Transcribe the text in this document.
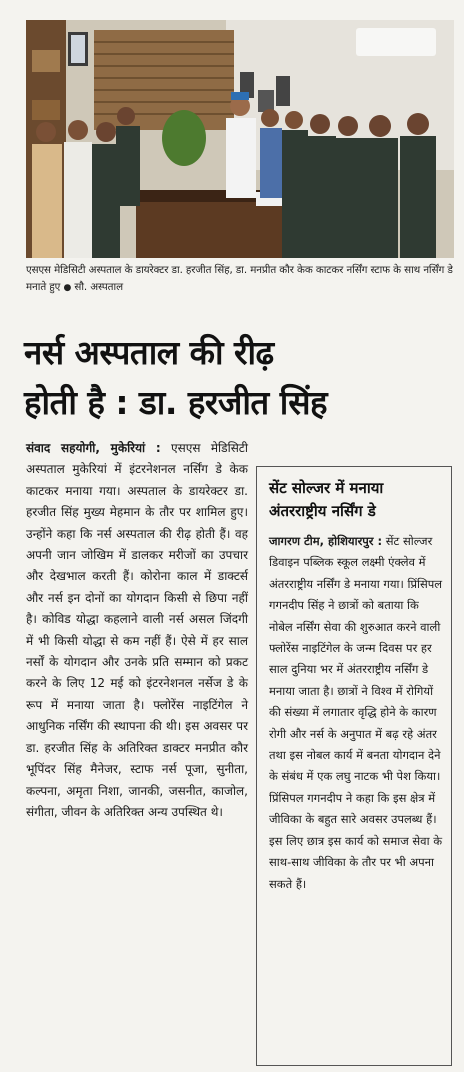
एसएस मेडिसिटी अस्पताल के डायरेक्टर डा. हरजीत सिंह, डा. मनप्रीत कौर केक काटकर नर्सिंग स्टाफ के साथ नर्सिंग डे मनाते हुए ● सौ. अस्पताल
नर्स अस्पताल की रीढ़
होती है : डा. हरजीत सिंह
संवाद सहयोगी, मुकेरियां : एसएस मेडिसिटी अस्पताल मुकेरियां में इंटरनेशनल नर्सिंग डे केक काटकर मनाया गया। अस्पताल के डायरेक्टर डा. हरजीत सिंह मुख्य मेहमान के तौर पर शामिल हुए। उन्होंने कहा कि नर्स अस्पताल की रीढ़ होती हैं। वह अपनी जान जोखिम में डालकर मरीजों का उपचार और देखभाल करती हैं। कोरोना काल में डाक्टर्स और नर्स इन दोनों का योगदान किसी से छिपा नहीं है। कोविड योद्धा कहलाने वाली नर्स असल जिंदगी में भी किसी योद्धा से कम नहीं हैं। ऐसे में हर साल नर्सों के योगदान और उनके प्रति सम्मान को प्रकट करने के लिए 12 मई को इंटरनेशनल नर्सेज डे के रूप में मनाया जाता है। फ्लोरेंस नाइटिंगेल ने आधुनिक नर्सिंग की स्थापना की थी। इस अवसर पर डा. हरजीत सिंह के अतिरिक्त डाक्टर मनप्रीत कौर भूपिंदर सिंह मैनेजर, स्टाफ नर्स पूजा, सुनीता, कल्पना, अमृता निशा, जानकी, जसनीत, काजोल, संगीता, जीवन के अतिरिक्त अन्य उपस्थित थे।
सेंट सोल्जर में मनाया अंतरराष्ट्रीय नर्सिंग डे
जागरण टीम, होशियारपुर : सेंट सोल्जर डिवाइन पब्लिक स्कूल लक्ष्मी एंक्लेव में अंतरराष्ट्रीय नर्सिंग डे मनाया गया। प्रिंसिपल गगनदीप सिंह ने छात्रों को बताया कि नोबेल नर्सिंग सेवा की शुरुआत करने वाली फ्लोरेंस नाइटिंगेल के जन्म दिवस पर हर साल दुनिया भर में अंतरराष्ट्रीय नर्सिंग डे मनाया जाता है। छात्रों ने विश्व में रोगियों की संख्या में लगातार वृद्धि होने के कारण रोगी और नर्स के अनुपात में बढ़ रहे अंतर तथा इस नोबल कार्य में बनता योगदान देने के संबंध में एक लघु नाटक भी पेश किया। प्रिंसिपल गगनदीप ने कहा कि इस क्षेत्र में जीविका के बहुत सारे अवसर उपलब्ध हैं। इस लिए छात्र इस कार्य को समाज सेवा के साथ-साथ जीविका के तौर पर भी अपना सकते हैं।
